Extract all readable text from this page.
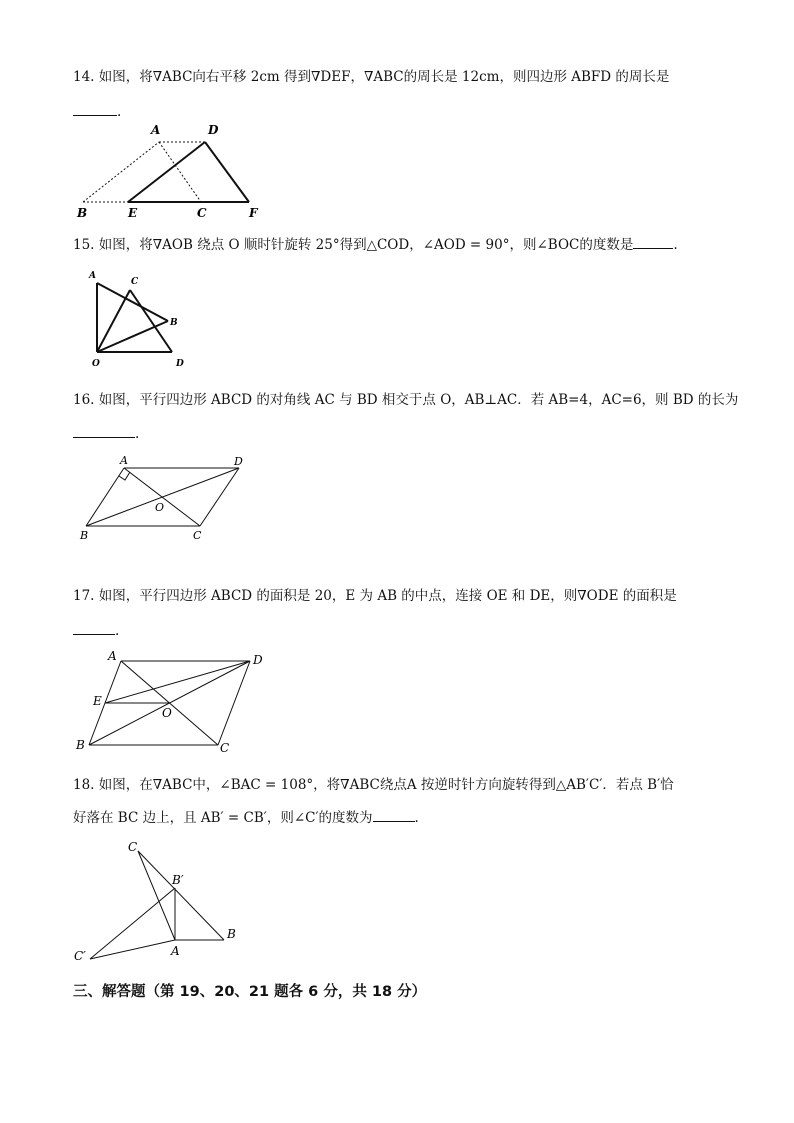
14. 如图，将∇ABC向右平移 2cm 得到∇DEF，∇ABC的周长是 12cm，则四边形 ABFD 的周长是
.
A	D
B	E	C	F
15. 如图，将∇AOB 绕点 O 顺时针旋转 25°得到△COD，∠AOD = 90°，则∠BOC的度数是	.
A
C
B
O	D
16. 如图，平行四边形 ABCD 的对角线 AC 与 BD 相交于点 O，AB⊥AC．若 AB=4，AC=6，则 BD 的长为
.
A	D
O
B	C
17. 如图，平行四边形 ABCD 的面积是 20，E 为 AB 的中点，连接 OE 和 DE，则∇ODE 的面积是
.
A	D
E
O
B	C
18. 如图，在∇ABC中，∠BAC = 108°，将∇ABC绕点A 按逆时针方向旋转得到△AB′C′．若点 B′恰
好落在 BC 边上，且 AB′ = CB′，则∠C′的度数为	.
C
B′
C′	A
B
三、解答题（第 19、20、21 题各 6 分，共 18 分）
